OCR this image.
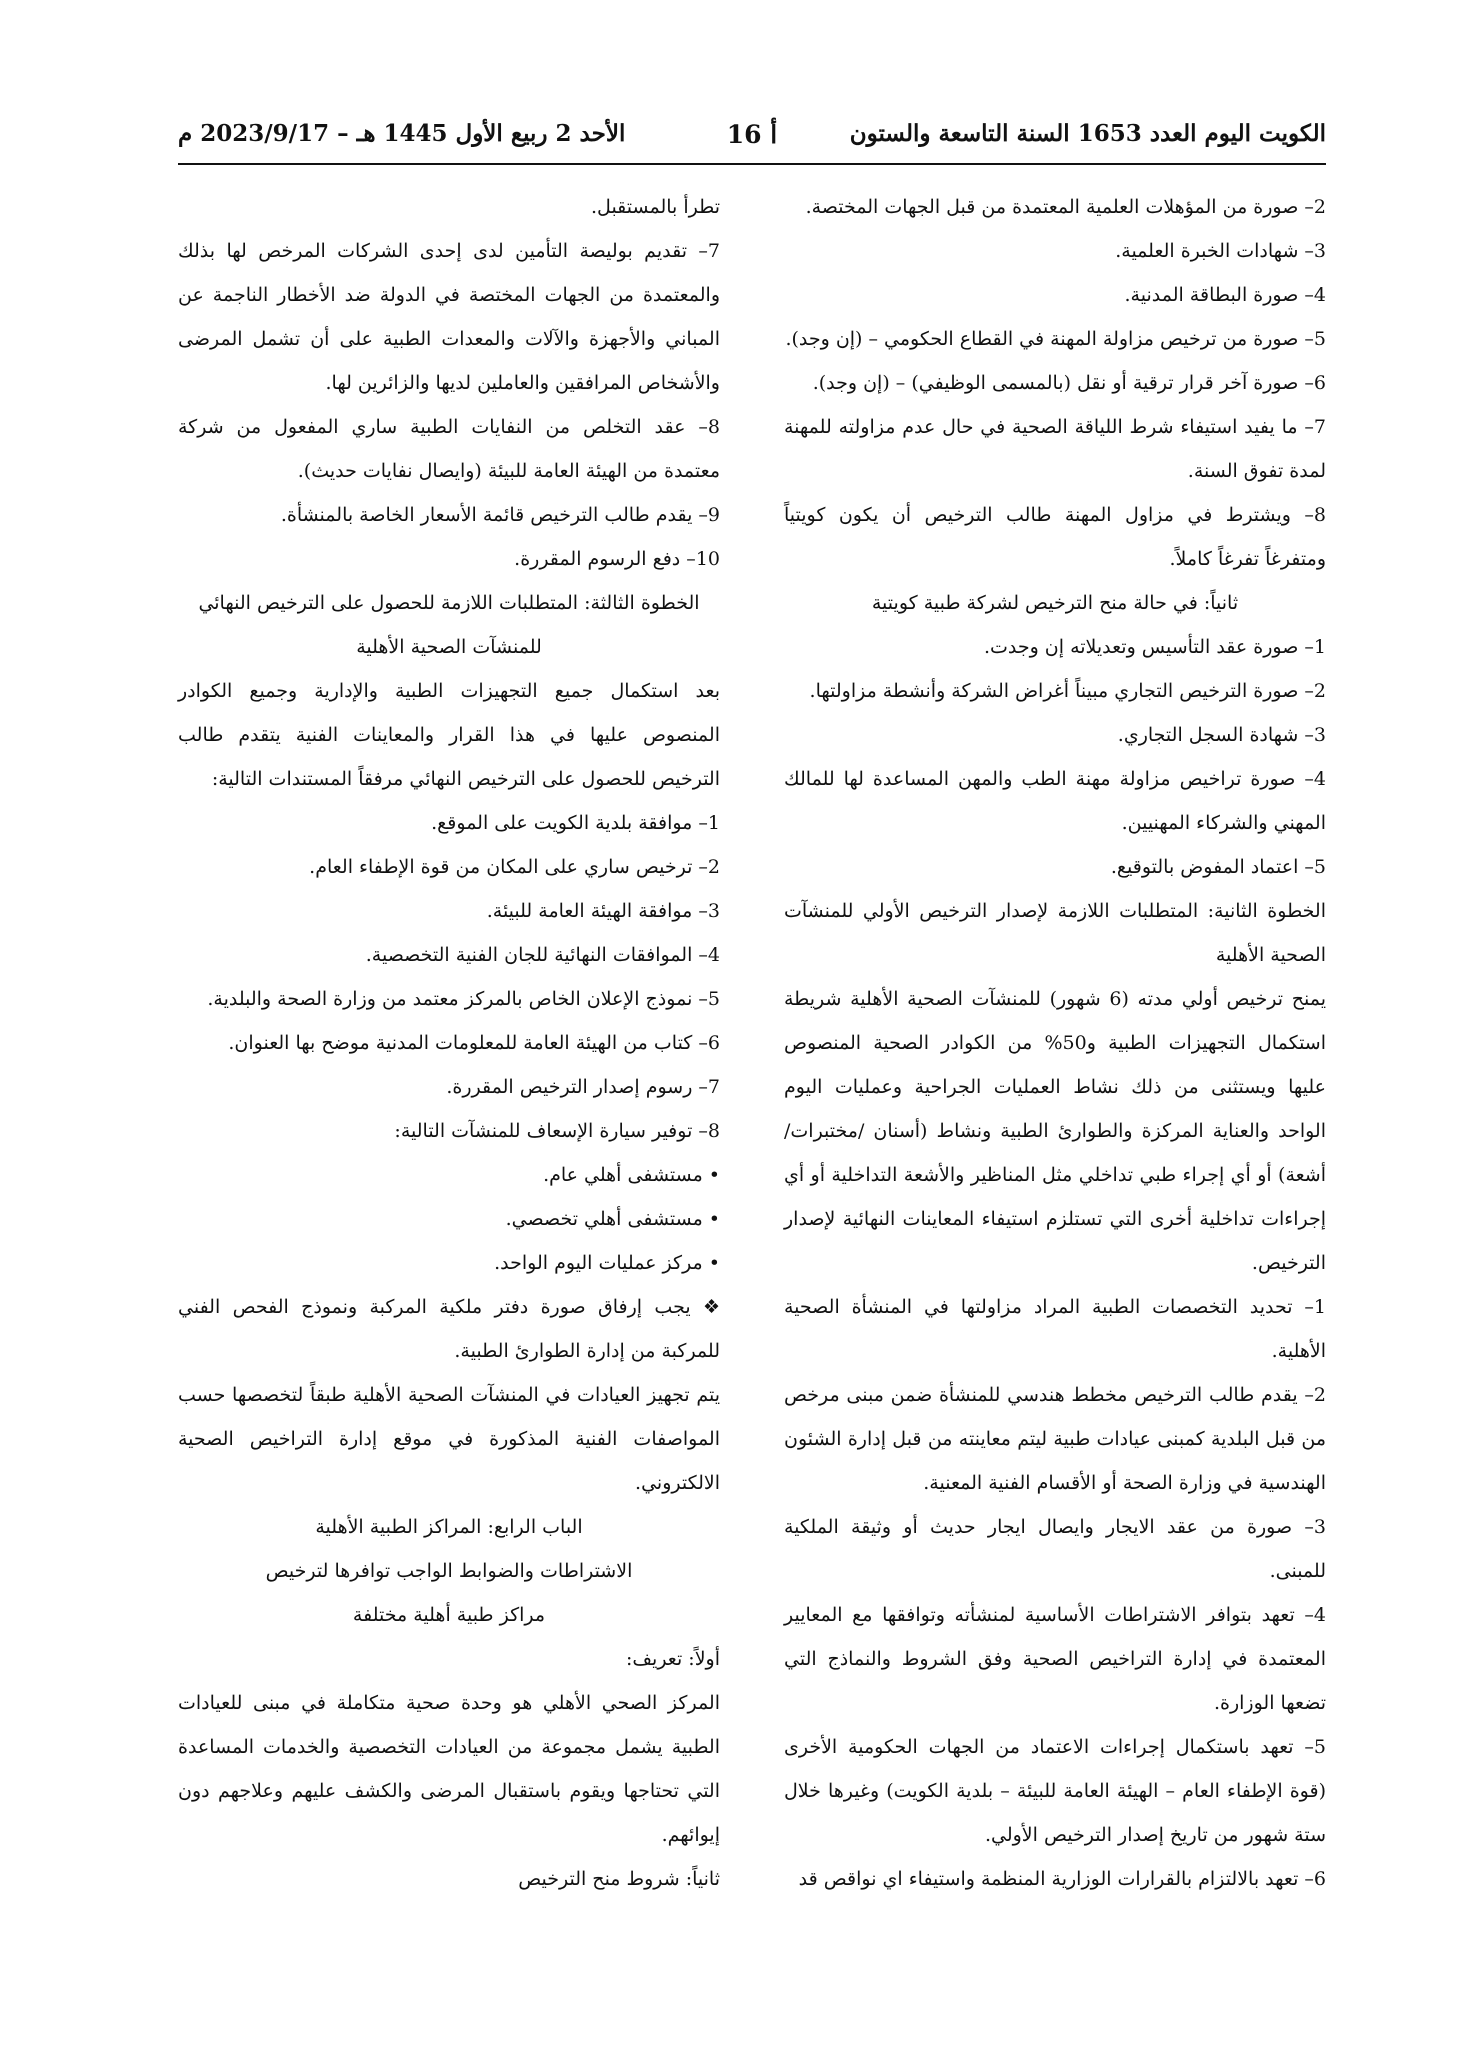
الكويت اليوم العدد 1653 السنة التاسعة والستون
أ 16
الأحد 2 ربيع الأول 1445 هـ – 2023/9/17 م

2– صورة من المؤهلات العلمية المعتمدة من قبل الجهات المختصة.

3– شهادات الخبرة العلمية.

4– صورة البطاقة المدنية.

5– صورة من ترخيص مزاولة المهنة في القطاع الحكومي – (إن وجد).

6– صورة آخر قرار ترقية أو نقل (بالمسمى الوظيفي) – (إن وجد).

7– ما يفيد استيفاء شرط اللياقة الصحية في حال عدم مزاولته للمهنة لمدة تفوق السنة.

8– ويشترط في مزاول المهنة طالب الترخيص أن يكون كويتياً ومتفرغاً تفرغاً كاملاً.

ثانياً: في حالة منح الترخيص لشركة طبية كويتية

1– صورة عقد التأسيس وتعديلاته إن وجدت.

2– صورة الترخيص التجاري مبيناً أغراض الشركة وأنشطة مزاولتها.

3– شهادة السجل التجاري.

4– صورة تراخيص مزاولة مهنة الطب والمهن المساعدة لها للمالك المهني والشركاء المهنيين.

5– اعتماد المفوض بالتوقيع.

الخطوة الثانية: المتطلبات اللازمة لإصدار الترخيص الأولي للمنشآت الصحية الأهلية

يمنح ترخيص أولي مدته (6 شهور) للمنشآت الصحية الأهلية شريطة استكمال التجهيزات الطبية و50% من الكوادر الصحية المنصوص عليها ويستثنى من ذلك نشاط العمليات الجراحية وعمليات اليوم الواحد والعناية المركزة والطوارئ الطبية ونشاط (أسنان /مختبرات/ أشعة) أو أي إجراء طبي تداخلي مثل المناظير والأشعة التداخلية أو أي إجراءات تداخلية أخرى التي تستلزم استيفاء المعاينات النهائية لإصدار الترخيص.

1– تحديد التخصصات الطبية المراد مزاولتها في المنشأة الصحية الأهلية.

2– يقدم طالب الترخيص مخطط هندسي للمنشأة ضمن مبنى مرخص من قبل البلدية كمبنى عيادات طبية ليتم معاينته من قبل إدارة الشئون الهندسية في وزارة الصحة أو الأقسام الفنية المعنية.

3– صورة من عقد الايجار وايصال ايجار حديث أو وثيقة الملكية للمبنى.

4– تعهد بتوافر الاشتراطات الأساسية لمنشأته وتوافقها مع المعايير المعتمدة في إدارة التراخيص الصحية وفق الشروط والنماذج التي تضعها الوزارة.

5– تعهد باستكمال إجراءات الاعتماد من الجهات الحكومية الأخرى (قوة الإطفاء العام – الهيئة العامة للبيئة – بلدية الكويت) وغيرها خلال ستة شهور من تاريخ إصدار الترخيص الأولي.

6– تعهد بالالتزام بالقرارات الوزارية المنظمة واستيفاء اي نواقص قد

تطرأ بالمستقبل.

7– تقديم بوليصة التأمين لدى إحدى الشركات المرخص لها بذلك والمعتمدة من الجهات المختصة في الدولة ضد الأخطار الناجمة عن المباني والأجهزة والآلات والمعدات الطبية على أن تشمل المرضى والأشخاص المرافقين والعاملين لديها والزائرين لها.

8– عقد التخلص من النفايات الطبية ساري المفعول من شركة معتمدة من الهيئة العامة للبيئة (وايصال نفايات حديث).

9– يقدم طالب الترخيص قائمة الأسعار الخاصة بالمنشأة.

10– دفع الرسوم المقررة.

الخطوة الثالثة: المتطلبات اللازمة للحصول على الترخيص النهائي

للمنشآت الصحية الأهلية

بعد استكمال جميع التجهيزات الطبية والإدارية وجميع الكوادر المنصوص عليها في هذا القرار والمعاينات الفنية يتقدم طالب الترخيص للحصول على الترخيص النهائي مرفقاً المستندات التالية:

1– موافقة بلدية الكويت على الموقع.

2– ترخيص ساري على المكان من قوة الإطفاء العام.

3– موافقة الهيئة العامة للبيئة.

4– الموافقات النهائية للجان الفنية التخصصية.

5– نموذج الإعلان الخاص بالمركز معتمد من وزارة الصحة والبلدية.

6– كتاب من الهيئة العامة للمعلومات المدنية موضح بها العنوان.

7– رسوم إصدار الترخيص المقررة.

8– توفير سيارة الإسعاف للمنشآت التالية:

• مستشفى أهلي عام.

• مستشفى أهلي تخصصي.

• مركز عمليات اليوم الواحد.

❖ يجب إرفاق صورة دفتر ملكية المركبة ونموذج الفحص الفني للمركبة من إدارة الطوارئ الطبية.

يتم تجهيز العيادات في المنشآت الصحية الأهلية طبقاً لتخصصها حسب المواصفات الفنية المذكورة في موقع إدارة التراخيص الصحية الالكتروني.

الباب الرابع: المراكز الطبية الأهلية

الاشتراطات والضوابط الواجب توافرها لترخيص

مراكز طبية أهلية مختلفة

أولاً: تعريف:

المركز الصحي الأهلي هو وحدة صحية متكاملة في مبنى للعيادات الطبية يشمل مجموعة من العيادات التخصصية والخدمات المساعدة التي تحتاجها ويقوم باستقبال المرضى والكشف عليهم وعلاجهم دون إيوائهم.

ثانياً: شروط منح الترخيص
